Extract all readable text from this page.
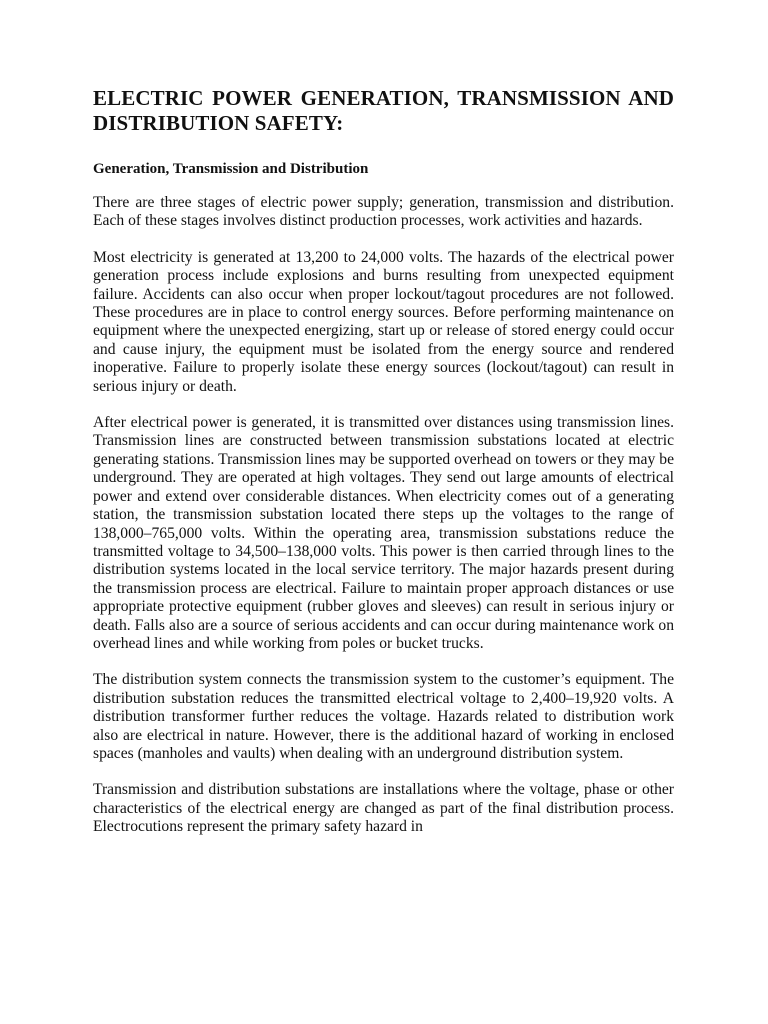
ELECTRIC POWER GENERATION, TRANSMISSION AND DISTRIBUTION SAFETY:
Generation, Transmission and Distribution

There are three stages of electric power supply; generation, transmission and distribution. Each of these stages involves distinct production processes, work activities and hazards.

Most electricity is generated at 13,200 to 24,000 volts. The hazards of the electrical power generation process include explosions and burns resulting from unexpected equipment failure. Accidents can also occur when proper lockout/tagout procedures are not followed. These procedures are in place to control energy sources. Before performing maintenance on equipment where the unexpected energizing, start up or release of stored energy could occur and cause injury, the equipment must be isolated from the energy source and rendered inoperative. Failure to properly isolate these energy sources (lockout/tagout) can result in serious injury or death.

After electrical power is generated, it is transmitted over distances using transmission lines. Transmission lines are constructed between transmission substations located at electric generating stations. Transmission lines may be supported overhead on towers or they may be underground. They are operated at high voltages. They send out large amounts of electrical power and extend over considerable distances. When electricity comes out of a generating station, the transmission substation located there steps up the voltages to the range of 138,000–765,000 volts. Within the operating area, transmission substations reduce the transmitted voltage to 34,500–138,000 volts. This power is then carried through lines to the distribution systems located in the local service territory. The major hazards present during the transmission process are electrical. Failure to maintain proper approach distances or use appropriate protective equipment (rubber gloves and sleeves) can result in serious injury or death. Falls also are a source of serious accidents and can occur during maintenance work on overhead lines and while working from poles or bucket trucks.

The distribution system connects the transmission system to the customer’s equipment. The distribution substation reduces the transmitted electrical voltage to 2,400–19,920 volts. A distribution transformer further reduces the voltage. Hazards related to distribution work also are electrical in nature. However, there is the additional hazard of working in enclosed spaces (manholes and vaults) when dealing with an underground distribution system.

Transmission and distribution substations are installations where the voltage, phase or other characteristics of the electrical energy are changed as part of the final distribution process. Electrocutions represent the primary safety hazard in
